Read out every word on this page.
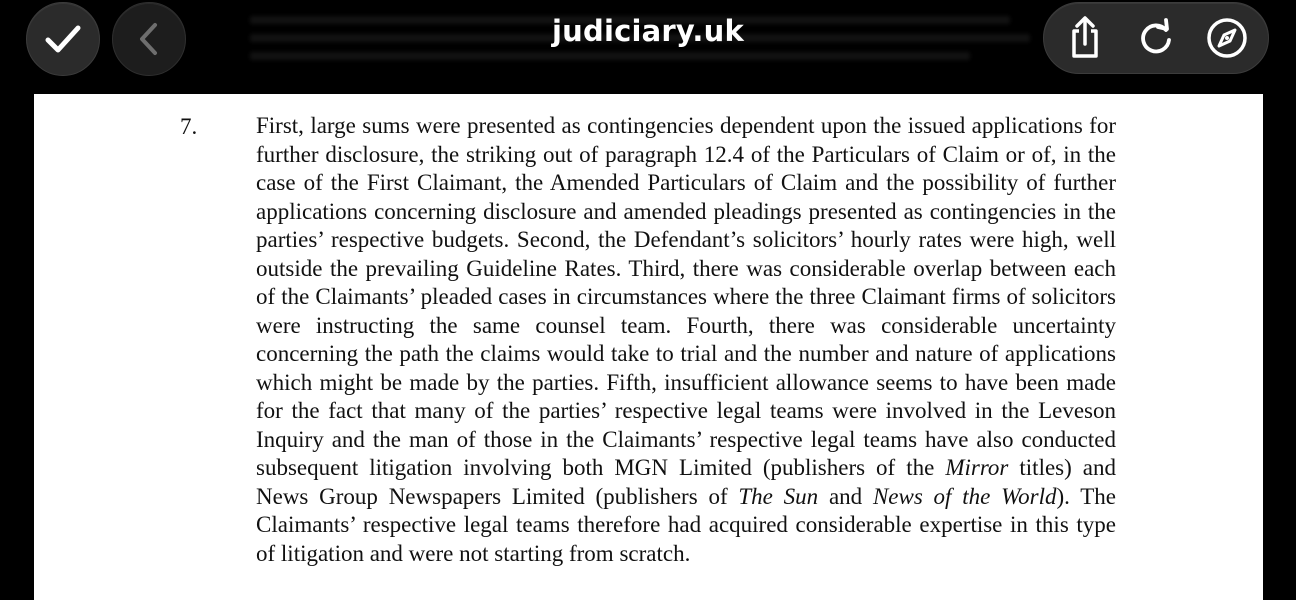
judiciary.uk
7.	First, large sums were presented as contingencies dependent upon the issued applications for further disclosure, the striking out of paragraph 12.4 of the Particulars of Claim or of, in the case of the First Claimant, the Amended Particulars of Claim and the possibility of further applications concerning disclosure and amended pleadings presented as contingencies in the parties’ respective budgets. Second, the Defendant’s solicitors’ hourly rates were high, well outside the prevailing Guideline Rates. Third, there was considerable overlap between each of the Claimants’ pleaded cases in circumstances where the three Claimant firms of solicitors were instructing the same counsel team. Fourth, there was considerable uncertainty concerning the path the claims would take to trial and the number and nature of applications which might be made by the parties. Fifth, insufficient allowance seems to have been made for the fact that many of the parties’ respective legal teams were involved in the Leveson Inquiry and the man of those in the Claimants’ respective legal teams have also conducted subsequent litigation involving both MGN Limited (publishers of the Mirror titles) and News Group Newspapers Limited (publishers of The Sun and News of the World). The Claimants’ respective legal teams therefore had acquired considerable expertise in this type of litigation and were not starting from scratch.
